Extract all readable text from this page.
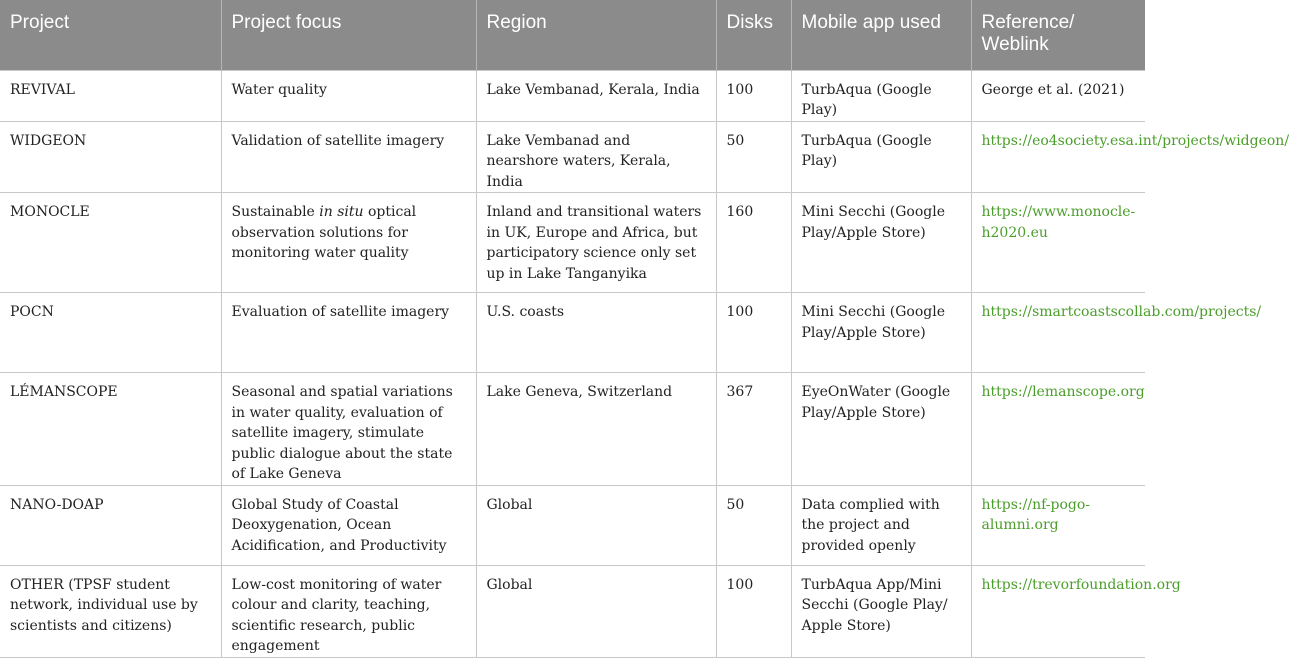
Project	Project focus	Region	Disks	Mobile app used	Reference/ Weblink
REVIVAL	Water quality	Lake Vembanad, Kerala, India	100	TurbAqua (Google Play)	George et al. (2021)
WIDGEON	Validation of satellite imagery	Lake Vembanad and nearshore waters, Kerala, India	50	TurbAqua (Google Play)	https://eo4society.esa.int/projects/widgeon/
MONOCLE	Sustainable in situ optical observation solutions for monitoring water quality	Inland and transitional waters in UK, Europe and Africa, but participatory science only set up in Lake Tanganyika	160	Mini Secchi (Google Play/Apple Store)	https://www.monocle-h2020.eu
POCN	Evaluation of satellite imagery	U.S. coasts	100	Mini Secchi (Google Play/Apple Store)	https://smartcoastscollab.com/projects/
LÉMANSCOPE	Seasonal and spatial variations in water quality, evaluation of satellite imagery, stimulate public dialogue about the state of Lake Geneva	Lake Geneva, Switzerland	367	EyeOnWater (Google Play/Apple Store)	https://lemanscope.org
NANO-DOAP	Global Study of Coastal Deoxygenation, Ocean Acidification, and Productivity	Global	50	Data complied with the project and provided openly	https://nf-pogo-alumni.org
OTHER (TPSF student network, individual use by scientists and citizens)	Low-cost monitoring of water colour and clarity, teaching, scientific research, public engagement	Global	100	TurbAqua App/Mini Secchi (Google Play/ Apple Store)	https://trevorfoundation.org
